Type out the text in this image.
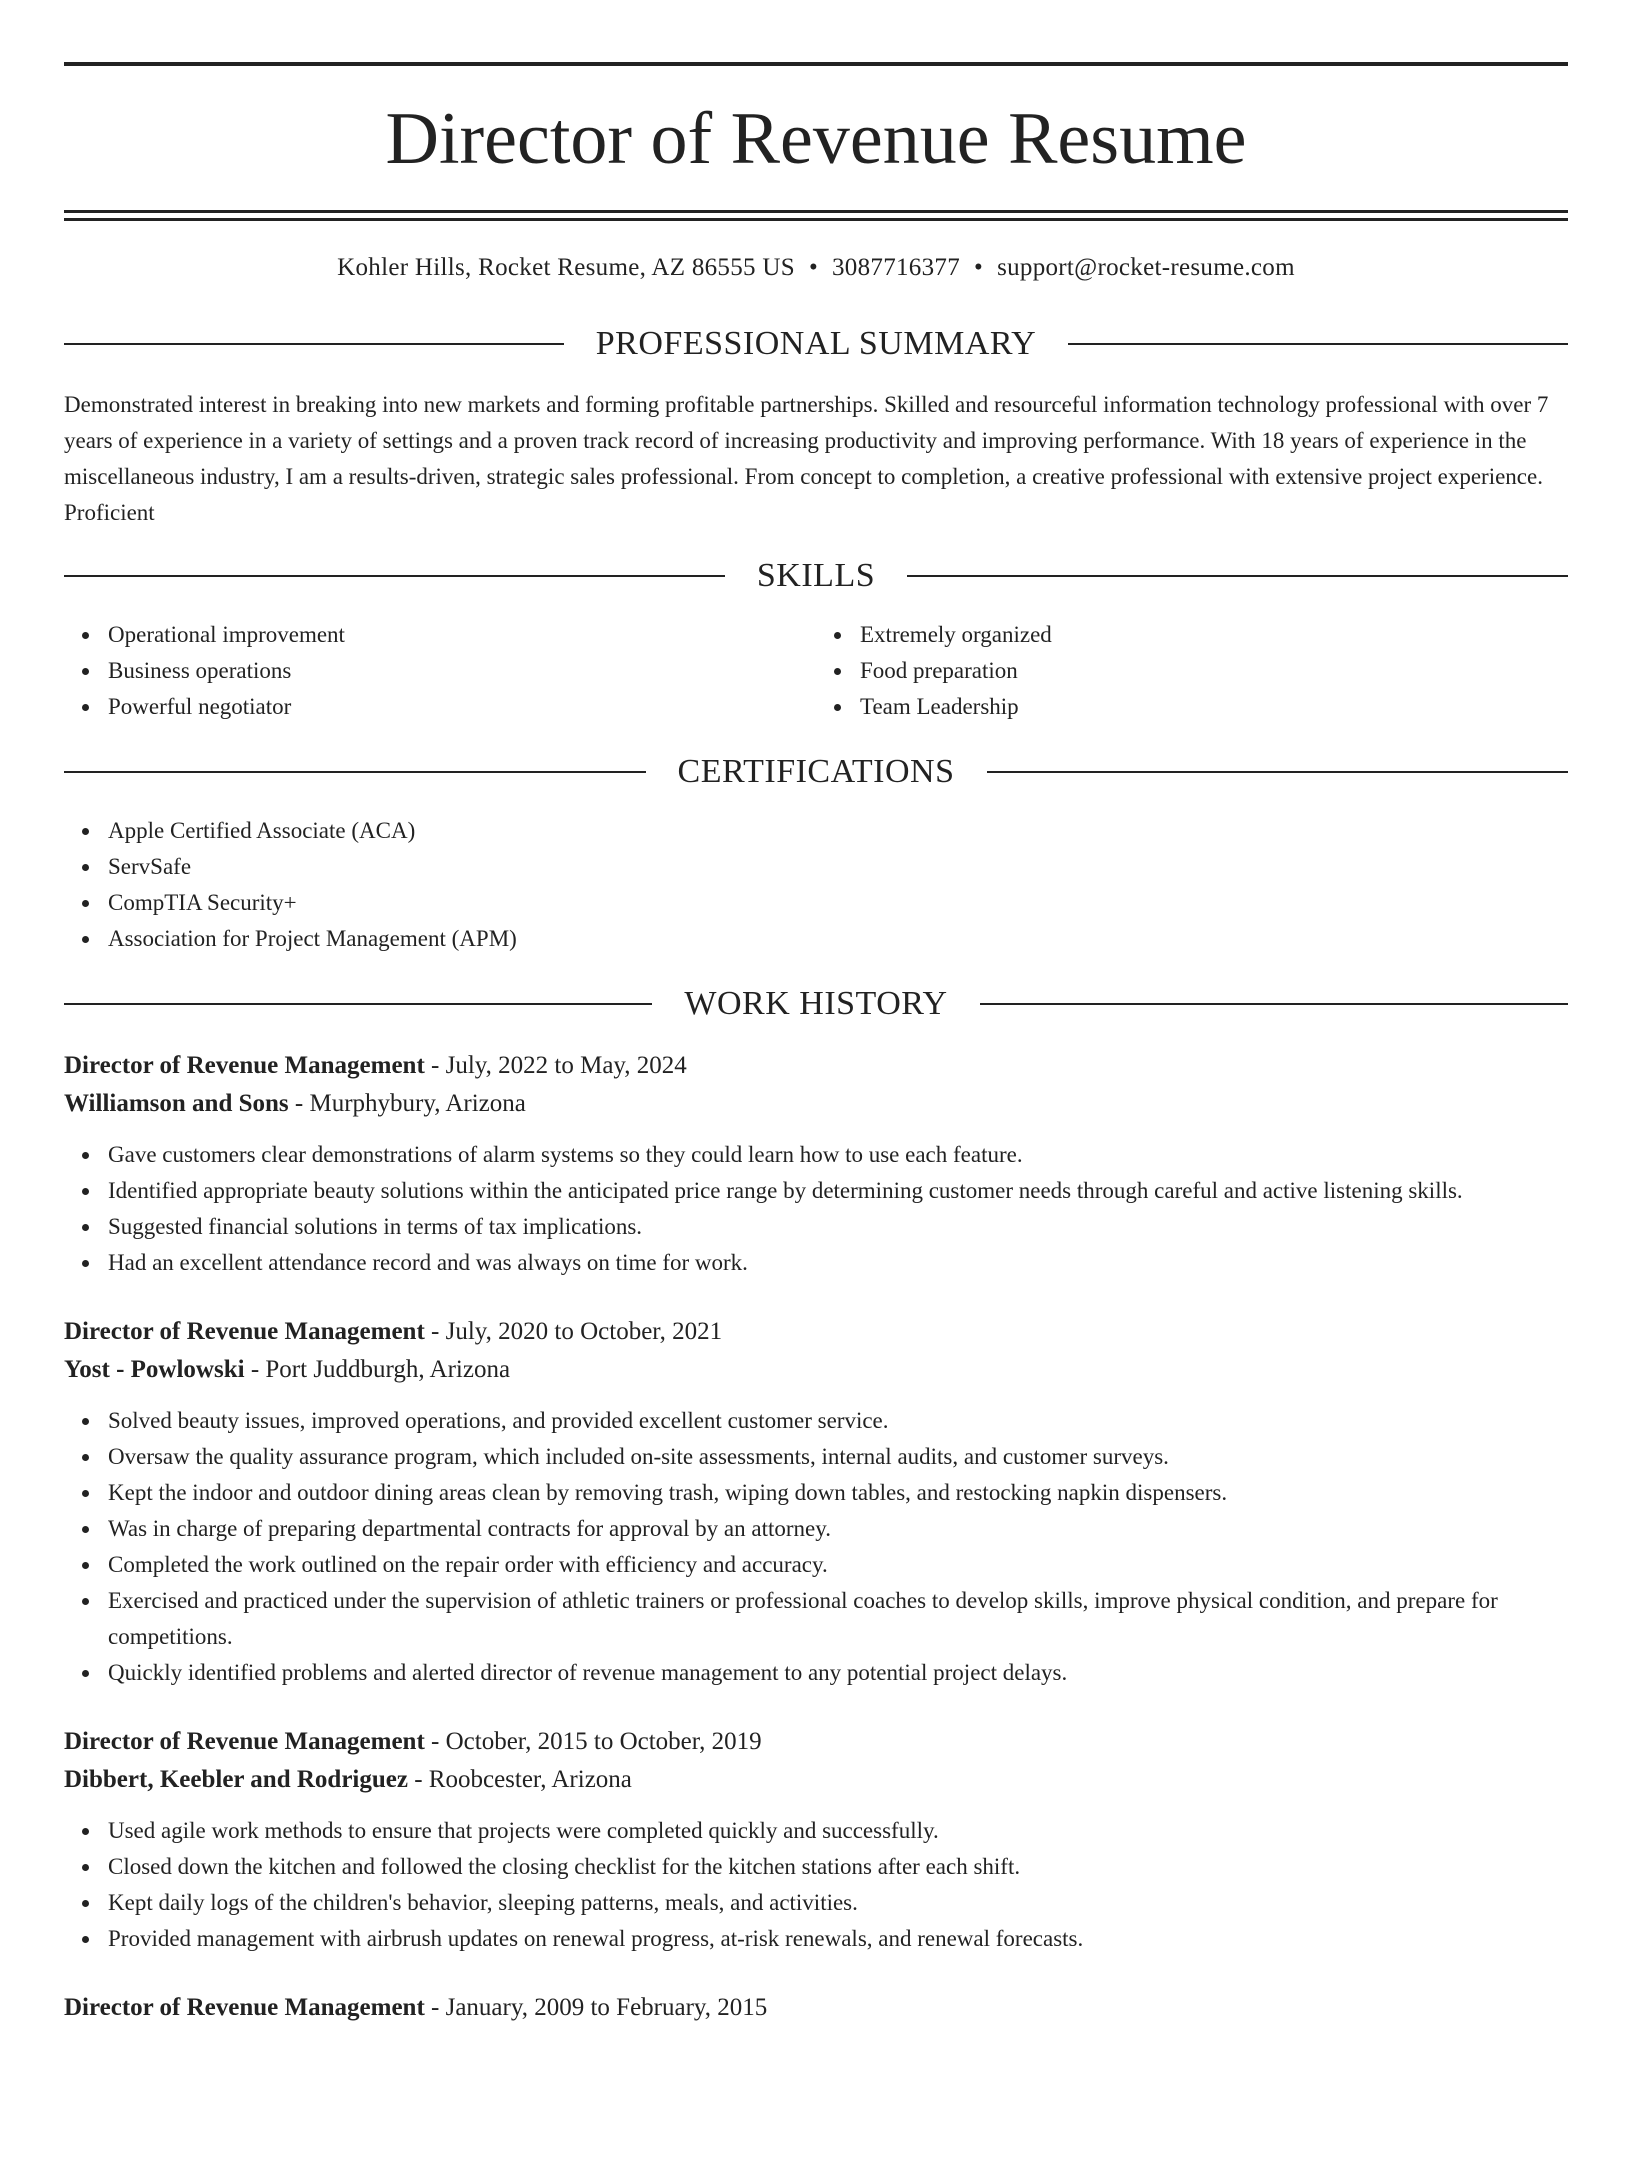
Director of Revenue Resume
Kohler Hills, Rocket Resume, AZ 86555 US • 3087716377 • support@rocket-resume.com
PROFESSIONAL SUMMARY
Demonstrated interest in breaking into new markets and forming profitable partnerships. Skilled and resourceful information technology professional with over 7 years of experience in a variety of settings and a proven track record of increasing productivity and improving performance. With 18 years of experience in the miscellaneous industry, I am a results-driven, strategic sales professional. From concept to completion, a creative professional with extensive project experience. Proficient
SKILLS
Operational improvement
Business operations
Powerful negotiator
Extremely organized
Food preparation
Team Leadership
CERTIFICATIONS
Apple Certified Associate (ACA)
ServSafe
CompTIA Security+
Association for Project Management (APM)
WORK HISTORY
Director of Revenue Management - July, 2022 to May, 2024
Williamson and Sons - Murphybury, Arizona
Gave customers clear demonstrations of alarm systems so they could learn how to use each feature.
Identified appropriate beauty solutions within the anticipated price range by determining customer needs through careful and active listening skills.
Suggested financial solutions in terms of tax implications.
Had an excellent attendance record and was always on time for work.
Director of Revenue Management - July, 2020 to October, 2021
Yost - Powlowski - Port Juddburgh, Arizona
Solved beauty issues, improved operations, and provided excellent customer service.
Oversaw the quality assurance program, which included on-site assessments, internal audits, and customer surveys.
Kept the indoor and outdoor dining areas clean by removing trash, wiping down tables, and restocking napkin dispensers.
Was in charge of preparing departmental contracts for approval by an attorney.
Completed the work outlined on the repair order with efficiency and accuracy.
Exercised and practiced under the supervision of athletic trainers or professional coaches to develop skills, improve physical condition, and prepare for competitions.
Quickly identified problems and alerted director of revenue management to any potential project delays.
Director of Revenue Management - October, 2015 to October, 2019
Dibbert, Keebler and Rodriguez - Roobcester, Arizona
Used agile work methods to ensure that projects were completed quickly and successfully.
Closed down the kitchen and followed the closing checklist for the kitchen stations after each shift.
Kept daily logs of the children's behavior, sleeping patterns, meals, and activities.
Provided management with airbrush updates on renewal progress, at-risk renewals, and renewal forecasts.
Director of Revenue Management - January, 2009 to February, 2015
